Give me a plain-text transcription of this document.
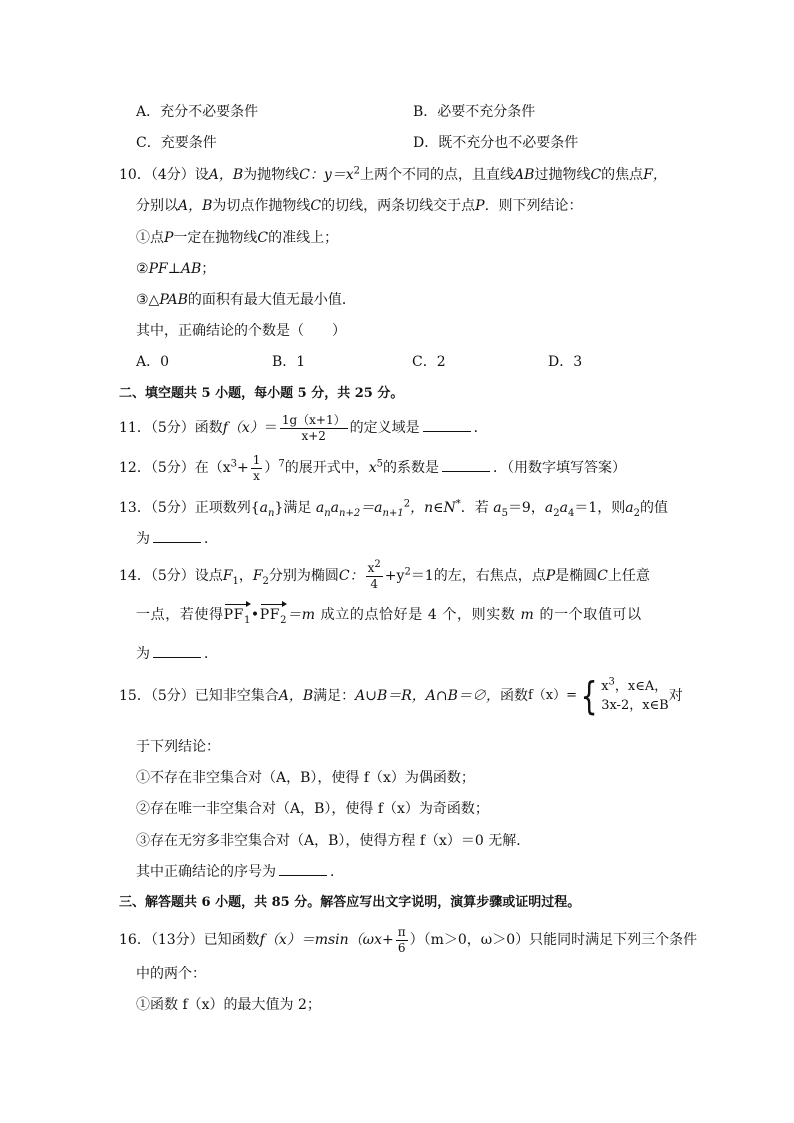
A．充分不必要条件	B．必要不充分条件
C．充要条件	D．既不充分也不必要条件
10．（4分）设A，B为抛物线C：$y=x^2$上两个不同的点，且直线AB过抛物线C的焦点F，
分别以A，B为切点作抛物线C的切线，两条切线交于点P．则下列结论：
①点P一定在抛物线C的准线上；
②PF⊥AB；
③△PAB的面积有最大值无最小值．
其中，正确结论的个数是（　　）
A．0	B．1	C．2	D．3
二、填空题共 5 小题，每小题 5 分，共 25 分。
11．（5分）函数$f(x)= \frac{1g(x+1)}{x+2}$ 的定义域是	．
12．（5分）在$(x^3+ \frac{1}{x} )^7$的展开式中，$x^5$的系数是	．（用数字填写答案）
13．（5分）正项数列$\{a_n\}$满足 $a_na_{n+2}=a_{n+1}^2$，n∈N*．若 $a_5=9$，$a_2a_4=1$，则$a_2$的值
为	．
14．（5分）设点$F_1$，$F_2$分别为椭圆C： $\frac{x^2}{4} +y^2=1$的左，右焦点，点P是椭圆C上任意
一点，若使得$PF_1•PF_2=m$ 成立的点恰好是 4 个，则实数 m 的一个取值可以
为	．
15．（5分）已知非空集合A，B满足：A∪B＝R，A∩B＝∅，函数 f（x）= { $x^3$，x∈A，
3x-2，x∈B
对
于下列结论：
①不存在非空集合对（A，B），使得 f（x）为偶函数；
②存在唯一非空集合对（A，B），使得 f（x）为奇函数；
③存在无穷多非空集合对（A，B），使得方程 f（x）＝0 无解．
其中正确结论的序号为	．
三、解答题共 6 小题，共 85 分。解答应写出文字说明，演算步骤或证明过程。
16．（13分）已知函数$f(x)=msin(\omega x+ \frac{\pi}{6} )(m>0$，ω＞0）只能同时满足下列三个条件
中的两个：
①函数 f（x）的最大值为 2；
